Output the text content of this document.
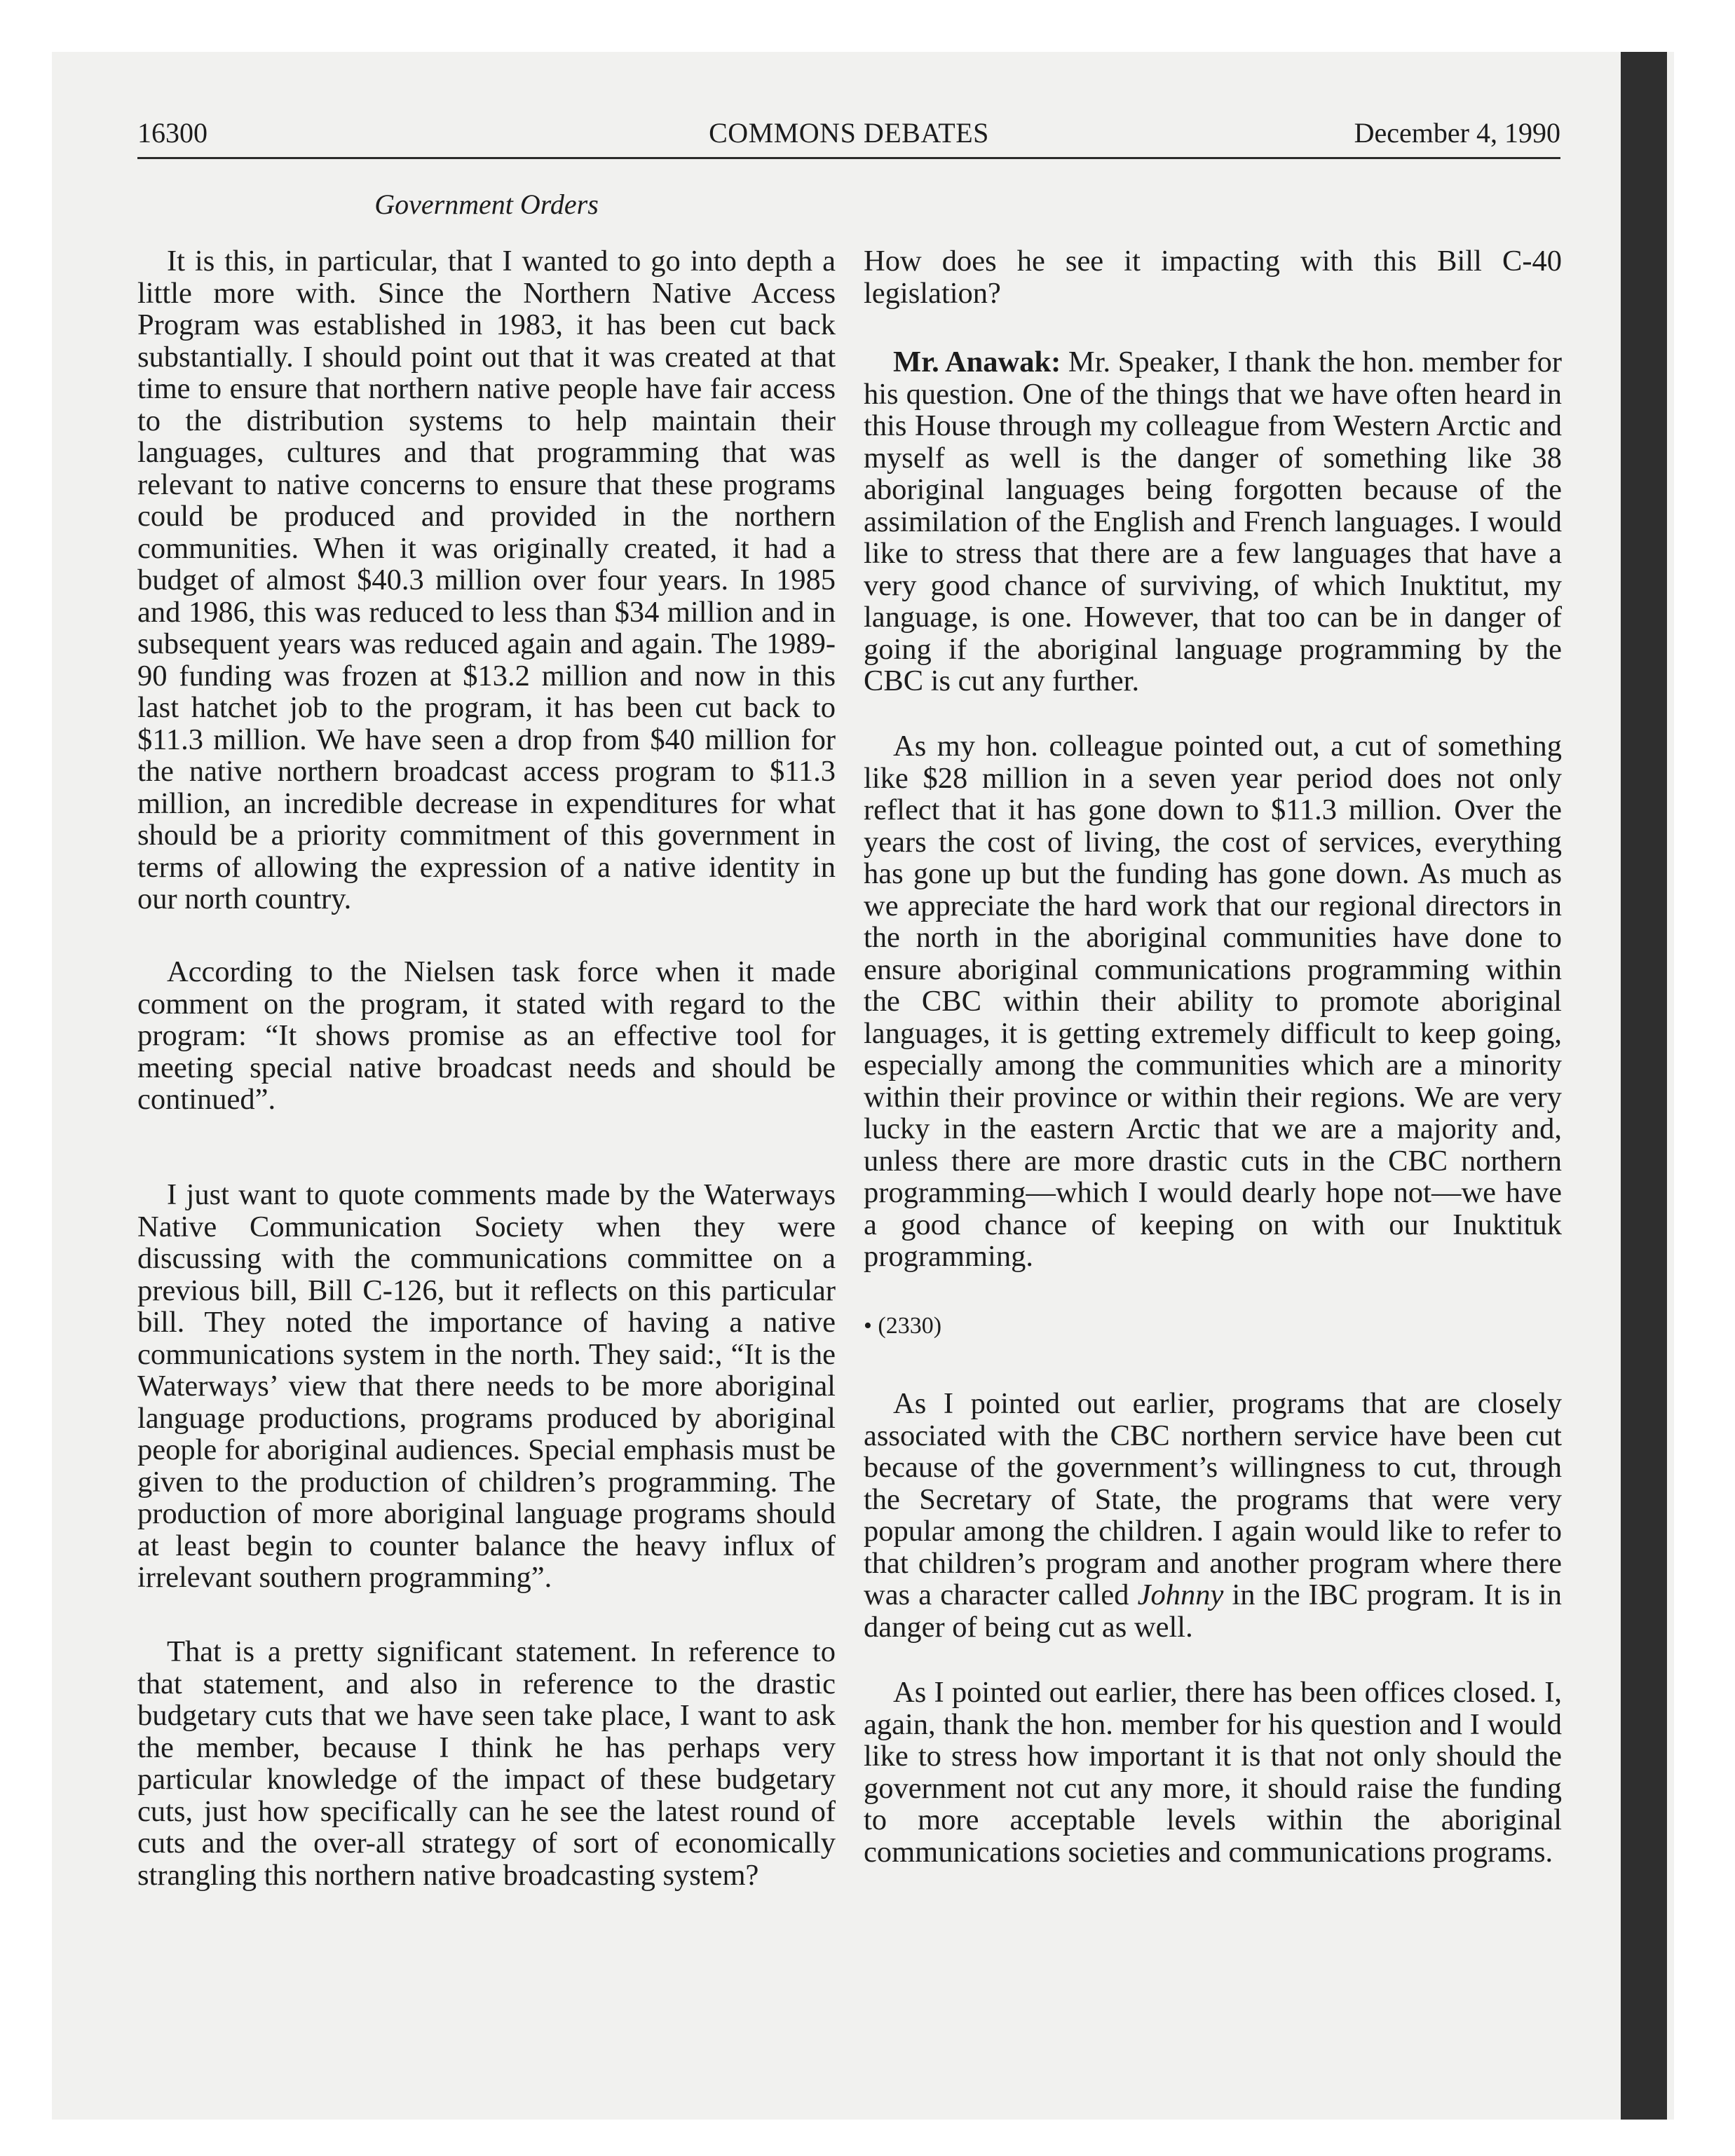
16300	COMMONS DEBATES	December 4, 1990
Government Orders

It is this, in particular, that I wanted to go into depth a little more with. Since the Northern Native Access Program was established in 1983, it has been cut back substantially. I should point out that it was created at that time to ensure that northern native people have fair access to the distribution systems to help maintain their languages, cultures and that programming that was relevant to native concerns to ensure that these programs could be produced and provided in the northern communities. When it was originally created, it had a budget of almost $40.3 million over four years. In 1985 and 1986, this was reduced to less than $34 million and in subsequent years was reduced again and again. The 1989-90 funding was frozen at $13.2 million and now in this last hatchet job to the program, it has been cut back to $11.3 million. We have seen a drop from $40 million for the native northern broadcast access program to $11.3 million, an incredible decrease in expenditures for what should be a priority commitment of this government in terms of allowing the expression of a native identity in our north country.

According to the Nielsen task force when it made comment on the program, it stated with regard to the program: “It shows promise as an effective tool for meeting special native broadcast needs and should be continued”.

I just want to quote comments made by the Waterways Native Communication Society when they were discussing with the communications committee on a previous bill, Bill C-126, but it reflects on this particular bill. They noted the importance of having a native communications system in the north. They said:, “It is the Waterways’ view that there needs to be more aboriginal language productions, programs produced by aboriginal people for aboriginal audiences. Special emphasis must be given to the production of children’s programming. The production of more aboriginal language programs should at least begin to counter balance the heavy influx of irrelevant southern programming”.

That is a pretty significant statement. In reference to that statement, and also in reference to the drastic budgetary cuts that we have seen take place, I want to ask the member, because I think he has perhaps very particular knowledge of the impact of these budgetary cuts, just how specifically can he see the latest round of cuts and the over-all strategy of sort of economically strangling this northern native broadcasting system?

How does he see it impacting with this Bill C-40 legislation?

Mr. Anawak: Mr. Speaker, I thank the hon. member for his question. One of the things that we have often heard in this House through my colleague from Western Arctic and myself as well is the danger of something like 38 aboriginal languages being forgotten because of the assimilation of the English and French languages. I would like to stress that there are a few languages that have a very good chance of surviving, of which Inuktitut, my language, is one. However, that too can be in danger of going if the aboriginal language programming by the CBC is cut any further.

As my hon. colleague pointed out, a cut of something like $28 million in a seven year period does not only reflect that it has gone down to $11.3 million. Over the years the cost of living, the cost of services, everything has gone up but the funding has gone down. As much as we appreciate the hard work that our regional directors in the north in the aboriginal communities have done to ensure aboriginal communications programming within the CBC within their ability to promote aboriginal languages, it is getting extremely difficult to keep going, especially among the communities which are a minority within their province or within their regions. We are very lucky in the eastern Arctic that we are a majority and, unless there are more drastic cuts in the CBC northern programming—which I would dearly hope not—we have a good chance of keeping on with our Inuktituk programming.

• (2330)

As I pointed out earlier, programs that are closely associated with the CBC northern service have been cut because of the government’s willingness to cut, through the Secretary of State, the programs that were very popular among the children. I again would like to refer to that children’s program and another program where there was a character called Johnny in the IBC program. It is in danger of being cut as well.

As I pointed out earlier, there has been offices closed. I, again, thank the hon. member for his question and I would like to stress how important it is that not only should the government not cut any more, it should raise the funding to more acceptable levels within the aboriginal communications societies and communications programs.
